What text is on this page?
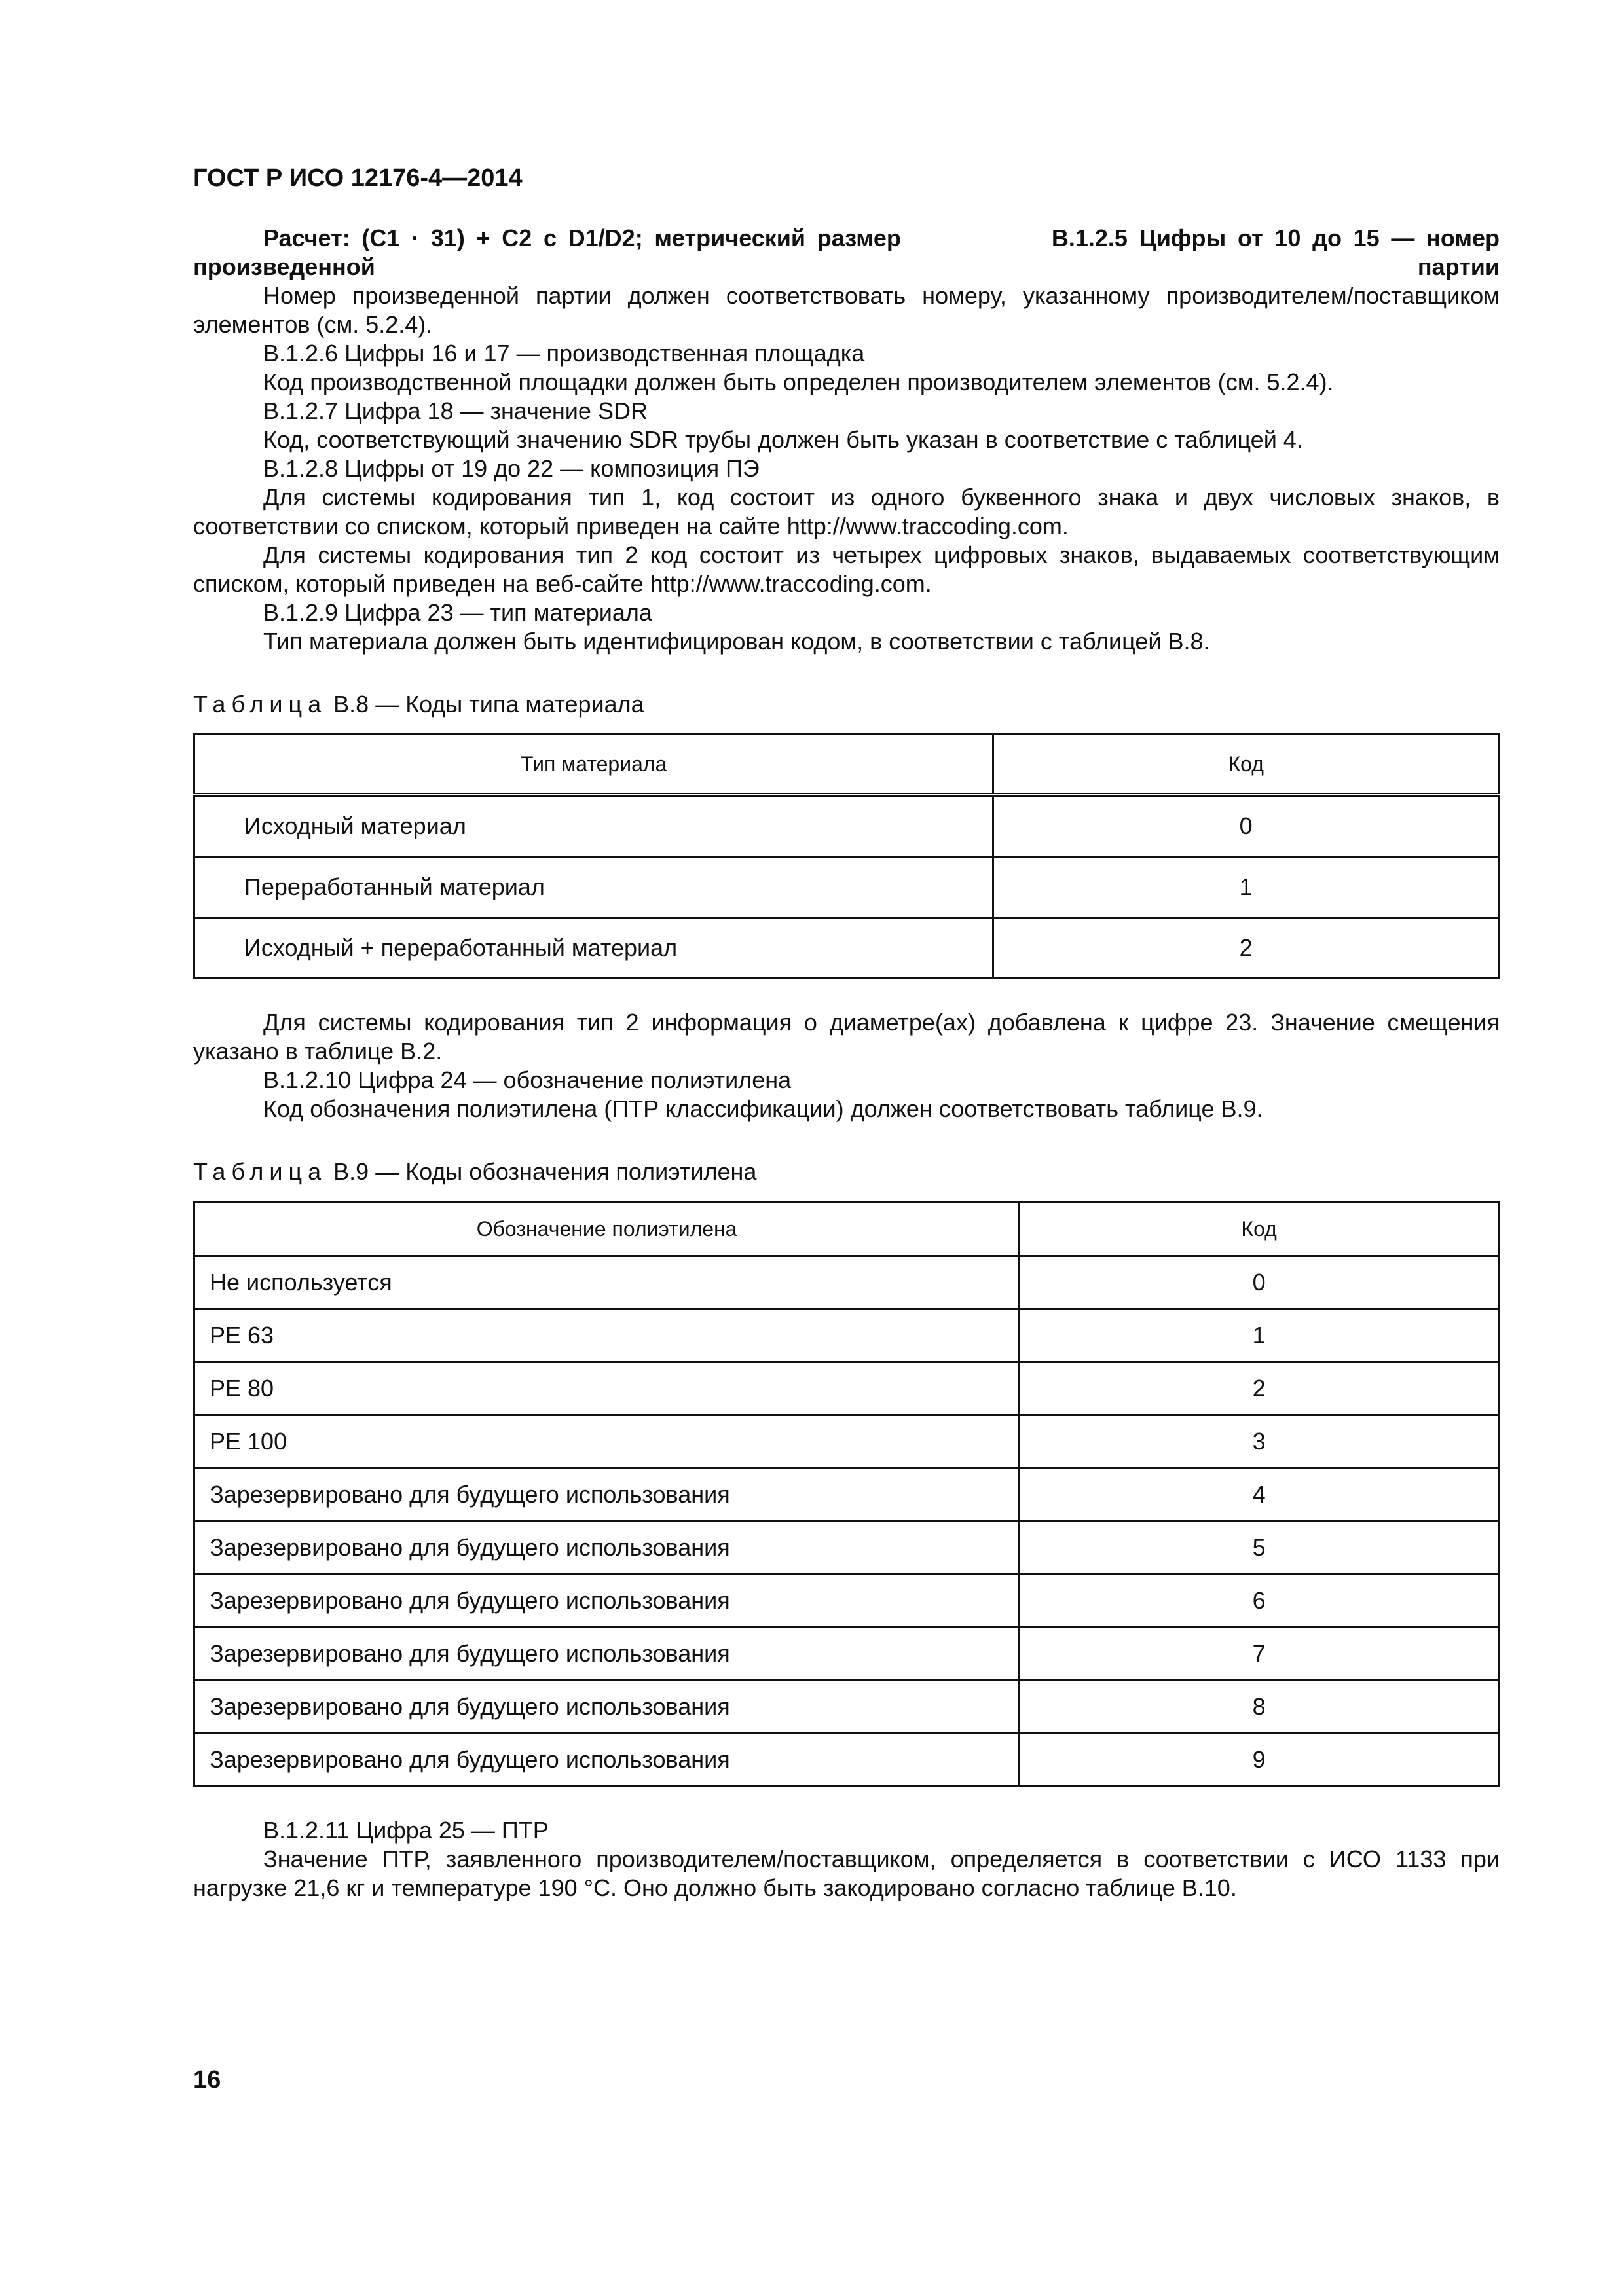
ГОСТ Р ИСО 12176-4—2014

Расчет: (С1 · 31) + С2 с D1/D2; метрический размер	В.1.2.5 Цифры от 10 до 15 — номер произведенной партии

Номер произведенной партии должен соответствовать номеру, указанному производителем/поставщиком элементов (см. 5.2.4).

В.1.2.6 Цифры 16 и 17 — производственная площадка

Код производственной площадки должен быть определен производителем элементов (см. 5.2.4).

В.1.2.7 Цифра 18 — значение SDR

Код, соответствующий значению SDR трубы должен быть указан в соответствие с таблицей 4.

В.1.2.8 Цифры от 19 до 22 — композиция ПЭ

Для системы кодирования тип 1, код состоит из одного буквенного знака и двух числовых знаков, в соответствии со списком, который приведен на сайте http://www.traccoding.com.

Для системы кодирования тип 2 код состоит из четырех цифровых знаков, выдаваемых соответствующим списком, который приведен на веб-сайте http://www.traccoding.com.

В.1.2.9 Цифра 23 — тип материала

Тип материала должен быть идентифицирован кодом, в соответствии с таблицей В.8.

Таблица В.8 — Коды типа материала

Тип материала	Код
Исходный материал	0
Переработанный материал	1
Исходный + переработанный материал	2

Для системы кодирования тип 2 информация о диаметре(ах) добавлена к цифре 23. Значение смещения указано в таблице В.2.

В.1.2.10 Цифра 24 — обозначение полиэтилена

Код обозначения полиэтилена (ПТР классификации) должен соответствовать таблице В.9.

Таблица В.9 — Коды обозначения полиэтилена

Обозначение полиэтилена	Код
Не используется	0
PE 63	1
PE 80	2
PE 100	3
Зарезервировано для будущего использования	4
Зарезервировано для будущего использования	5
Зарезервировано для будущего использования	6
Зарезервировано для будущего использования	7
Зарезервировано для будущего использования	8
Зарезервировано для будущего использования	9

В.1.2.11 Цифра 25 — ПТР

Значение ПТР, заявленного производителем/поставщиком, определяется в соответствии с ИСО 1133 при нагрузке 21,6 кг и температуре 190 °С. Оно должно быть закодировано согласно таблице В.10.

16
